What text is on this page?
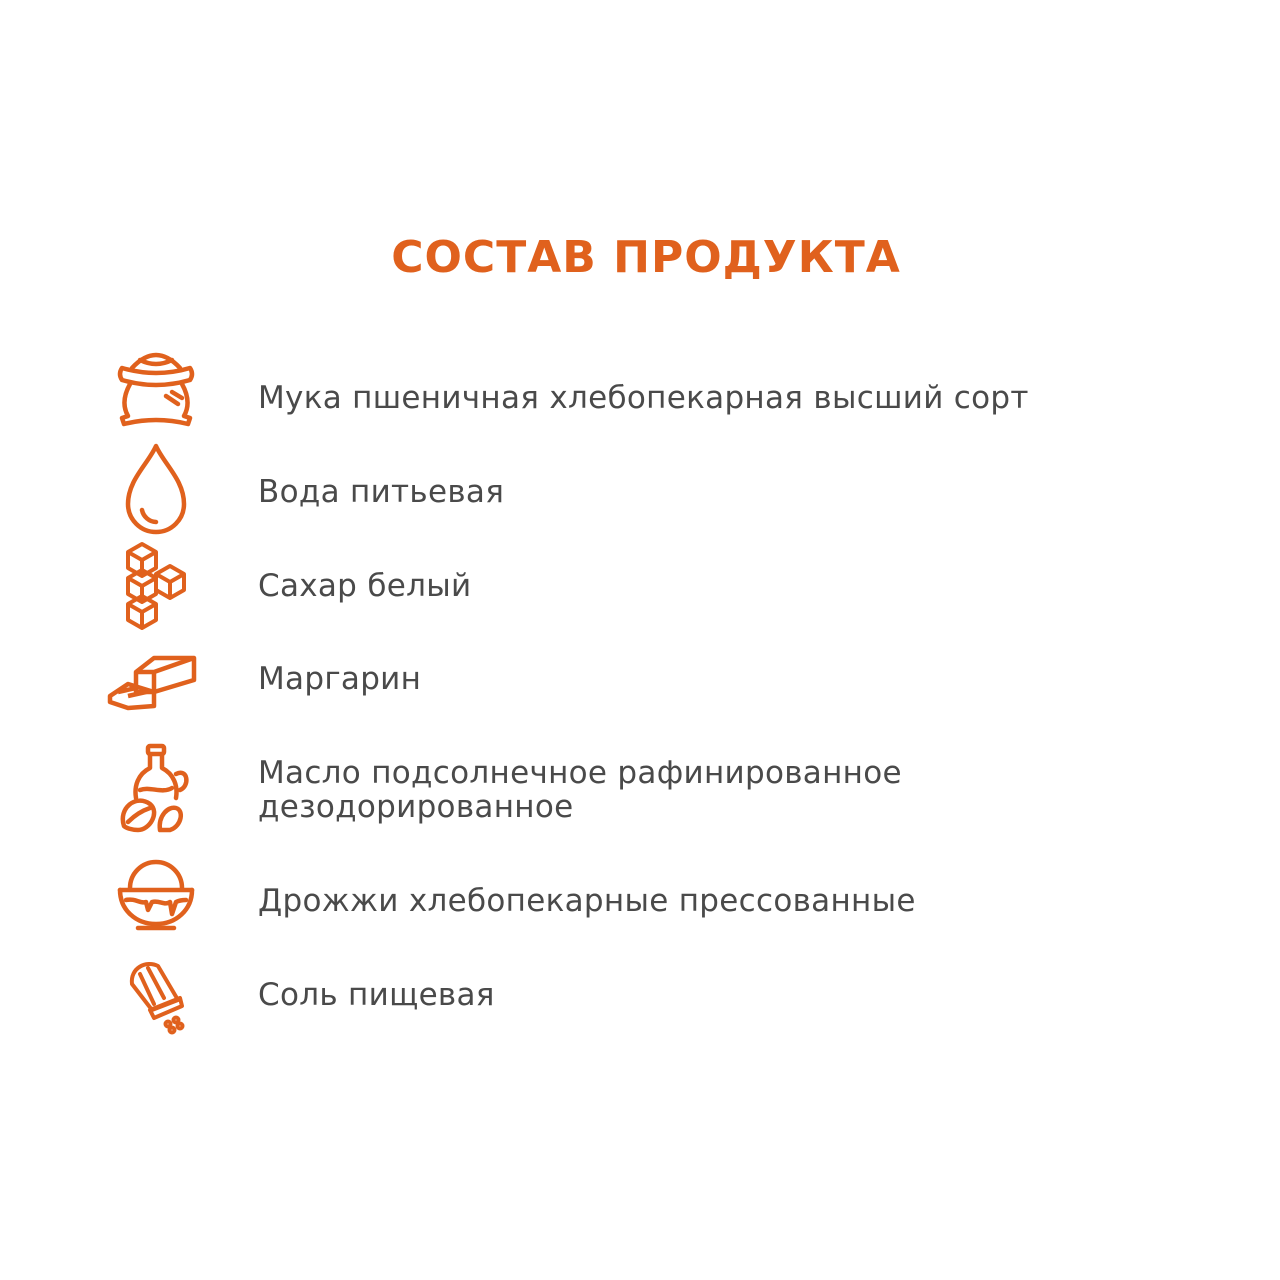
СОСТАВ ПРОДУКТА
Мука пшеничная хлебопекарная высший сорт
Вода питьевая
Сахар белый
Маргарин
Масло подсолнечное рафинированное
дезодорированное
Дрожжи хлебопекарные прессованные
Соль пищевая
